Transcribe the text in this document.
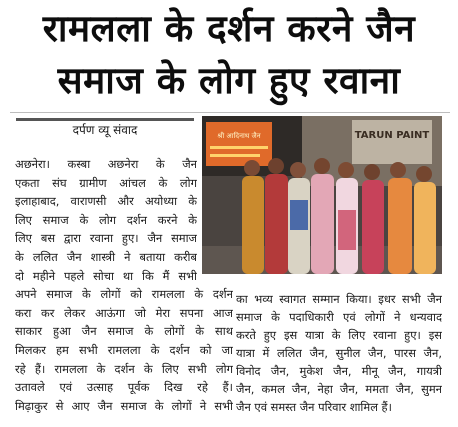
रामलला के दर्शन करने जैन
समाज के लोग हुए रवाना
दर्पण व्यू संवाद	TARUN PAINT
श्री आदिनाथ जैन
अछनेरा। कस्बा अछनेरा के जैन
एकता संघ ग्रामीण आंचल के लोग
इलाहाबाद, वाराणसी और अयोध्या के
लिए समाज के लोग दर्शन करने के
लिए बस द्वारा रवाना हुए। जैन समाज
के ललित जैन शास्त्री ने बताया करीब
दो महीने पहले सोचा था कि मैं सभी
अपने समाज के लोगों को रामलला के दर्शन
करा कर लेकर आऊंगा जो मेरा सपना आज
साकार हुआ जैन समाज के लोगों के साथ
मिलकर हम सभी रामलला के दर्शन को जा
रहे हैं। रामलला के दर्शन के लिए सभी लोग
उतावले एवं उत्साह पूर्वक दिख रहे हैं।
मिढ़ाकुर से आए जैन समाज के लोगों ने सभी
का भव्य स्वागत सम्मान किया। इधर सभी जैन
समाज के पदाधिकारी एवं लोगों ने धन्यवाद
करते हुए इस यात्रा के लिए रवाना हुए। इस
यात्रा में ललित जैन, सुनील जैन, पारस जैन,
विनोद जैन, मुकेश जैन, मीनू जैन, गायत्री
जैन, कमल जैन, नेहा जैन, ममता जैन, सुमन
जैन एवं समस्त जैन परिवार शामिल हैं।
